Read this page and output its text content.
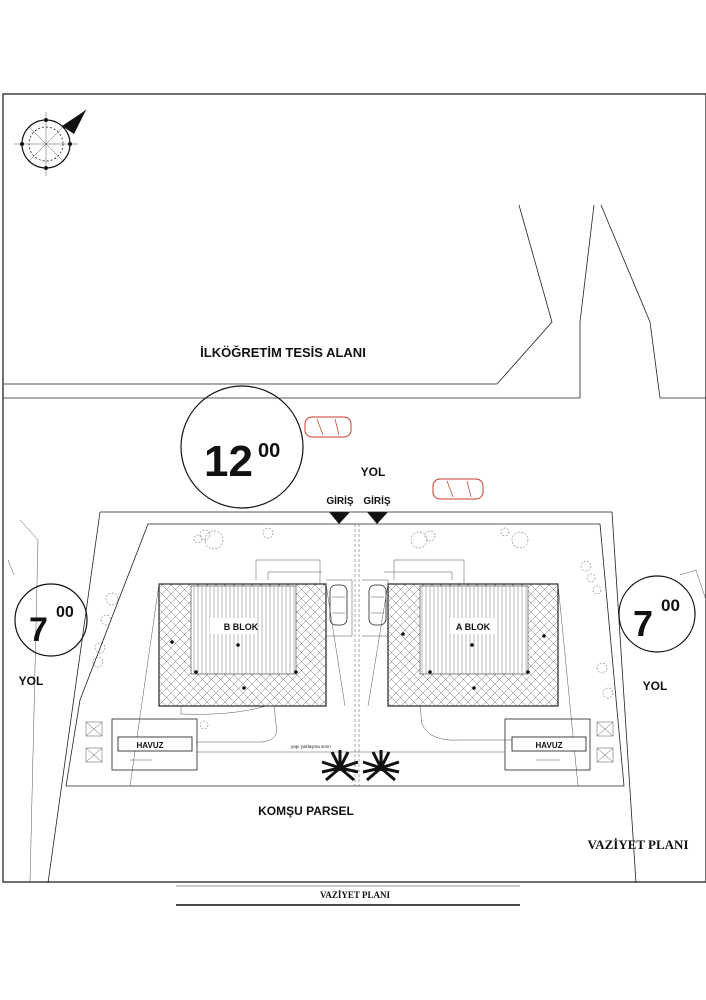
İLKÖĞRETİM TESİS ALANI
12 00
YOL
GİRİŞ GİRİŞ
B BLOK	A BLOK
HAVUZ	HAVUZ
yapı yaklaşma sınırı
7 00
YOL
7 00
YOL
KOMŞU PARSEL
VAZİYET PLANI
VAZİYET PLANI
